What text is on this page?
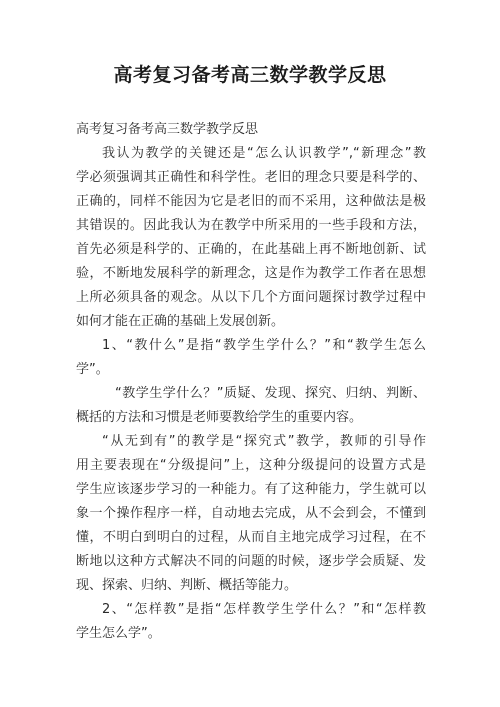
高考复习备考高三数学教学反思
高考复习备考高三数学教学反思
我认为教学的关键还是“怎么认识教学”,“新理念”教
学必须强调其正确性和科学性。老旧的理念只要是科学的、
正确的，同样不能因为它是老旧的而不采用，这种做法是极
其错误的。因此我认为在教学中所采用的一些手段和方法，
首先必须是科学的、正确的，在此基础上再不断地创新、试
验，不断地发展科学的新理念，这是作为教学工作者在思想
上所必须具备的观念。从以下几个方面问题探讨教学过程中
如何才能在正确的基础上发展创新。
1、“教什么”是指“教学生学什么？”和“教学生怎么
学”。
“教学生学什么？”质疑、发现、探究、归纳、判断、
概括的方法和习惯是老师要教给学生的重要内容。
“从无到有”的教学是“探究式”教学，教师的引导作
用主要表现在“分级提问”上，这种分级提问的设置方式是
学生应该逐步学习的一种能力。有了这种能力，学生就可以
象一个操作程序一样，自动地去完成，从不会到会，不懂到
懂，不明白到明白的过程，从而自主地完成学习过程，在不
断地以这种方式解决不同的问题的时候，逐步学会质疑、发
现、探索、归纳、判断、概括等能力。
2、“怎样教”是指“怎样教学生学什么？”和“怎样教
学生怎么学”。
